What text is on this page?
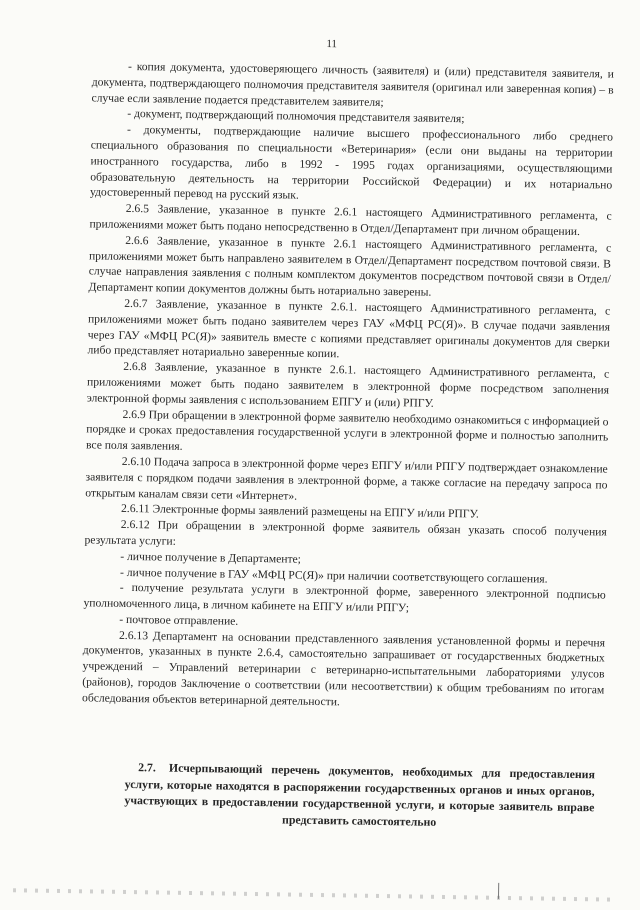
11

- копия документа, удостоверяющего личность (заявителя) и (или) представителя заявителя, и документа, подтверждающего полномочия представителя заявителя (оригинал или заверенная копия) – в случае если заявление подается представителем заявителя;

- документ, подтверждающий полномочия представителя заявителя;

- документы, подтверждающие наличие высшего профессионального либо среднего специального образования по специальности «Ветеринария» (если они выданы на территории иностранного государства, либо в 1992 - 1995 годах организациями, осуществляющими образовательную деятельность на территории Российской Федерации) и их нотариально удостоверенный перевод на русский язык.

2.6.5 Заявление, указанное в пункте 2.6.1 настоящего Административного регламента, с приложениями может быть подано непосредственно в Отдел/Департамент при личном обращении.

2.6.6 Заявление, указанное в пункте 2.6.1 настоящего Административного регламента, с приложениями может быть направлено заявителем в Отдел/Департамент посредством почтовой связи. В случае направления заявления с полным комплектом документов посредством почтовой связи в Отдел/Департамент копии документов должны быть нотариально заверены.

2.6.7 Заявление, указанное в пункте 2.6.1. настоящего Административного регламента, с приложениями может быть подано заявителем через ГАУ «МФЦ РС(Я)». В случае подачи заявления через ГАУ «МФЦ РС(Я)» заявитель вместе с копиями представляет оригиналы документов для сверки либо представляет нотариально заверенные копии.

2.6.8 Заявление, указанное в пункте 2.6.1. настоящего Административного регламента, с приложениями может быть подано заявителем в электронной форме посредством заполнения электронной формы заявления с использованием ЕПГУ и (или) РПГУ.

2.6.9 При обращении в электронной форме заявителю необходимо ознакомиться с информацией о порядке и сроках предоставления государственной услуги в электронной форме и полностью заполнить все поля заявления.

2.6.10 Подача запроса в электронной форме через ЕПГУ и/или РПГУ подтверждает ознакомление заявителя с порядком подачи заявления в электронной форме, а также согласие на передачу запроса по открытым каналам связи сети «Интернет».

2.6.11 Электронные формы заявлений размещены на ЕПГУ и/или РПГУ.

2.6.12 При обращении в электронной форме заявитель обязан указать способ получения результата услуги:

- личное получение в Департаменте;

- личное получение в ГАУ «МФЦ РС(Я)» при наличии соответствующего соглашения.

- получение результата услуги в электронной форме, заверенного электронной подписью уполномоченного лица, в личном кабинете на ЕПГУ и/или РПГУ;

- почтовое отправление.

2.6.13 Департамент на основании представленного заявления установленной формы и перечня документов, указанных в пункте 2.6.4, самостоятельно запрашивает от государственных бюджетных учреждений – Управлений ветеринарии с ветеринарно-испытательными лабораториями улусов (районов), городов Заключение о соответствии (или несоответствии) к общим требованиям по итогам обследования объектов ветеринарной деятельности.

2.7. Исчерпывающий перечень документов, необходимых для предоставления услуги, которые находятся в распоряжении государственных органов и иных органов, участвующих в предоставлении государственной услуги, и которые заявитель вправе представить самостоятельно
